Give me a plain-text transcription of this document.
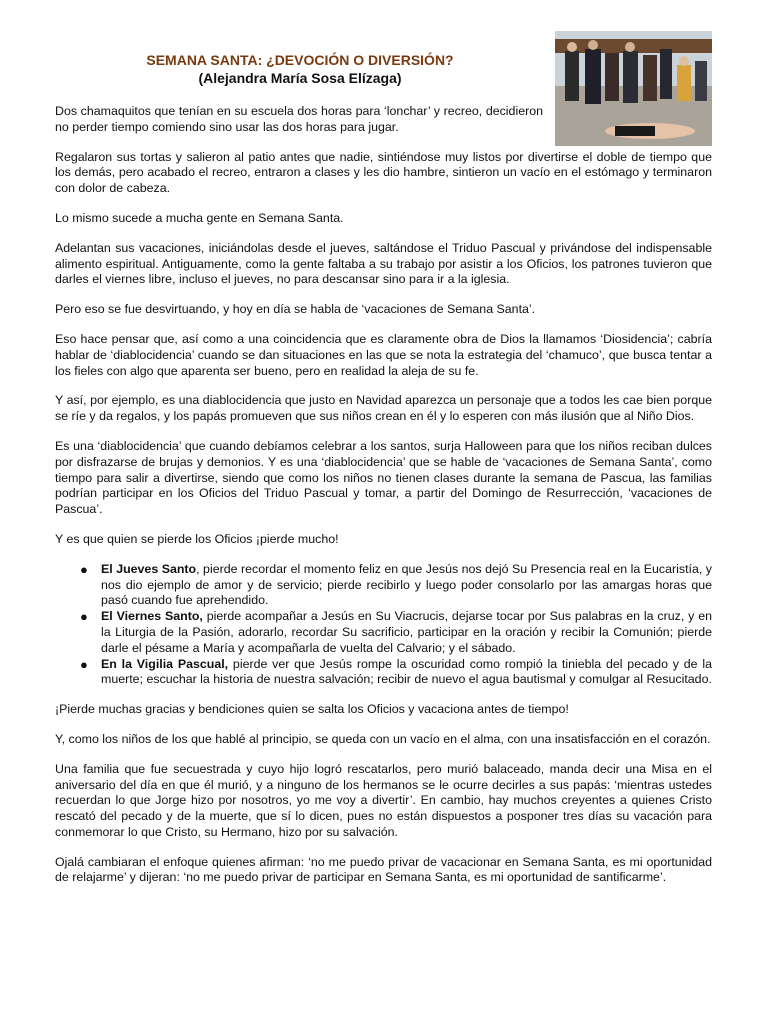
SEMANA SANTA: ¿DEVOCIÓN O DIVERSIÓN?
(Alejandra María Sosa Elízaga)

Dos chamaquitos que tenían en su escuela dos horas para ‘lonchar’ y recreo, decidieron no perder tiempo comiendo sino usar las dos horas para jugar.

Regalaron sus tortas y salieron al patio antes que nadie, sintiéndose muy listos por divertirse el doble de tiempo que los demás, pero acabado el recreo, entraron a clases y les dio hambre, sintieron un vacío en el estómago y terminaron con dolor de cabeza.

Lo mismo sucede a mucha gente en Semana Santa.

Adelantan sus vacaciones, iniciándolas desde el jueves, saltándose el Triduo Pascual y privándose del indispensable alimento espiritual. Antiguamente, como la gente faltaba a su trabajo por asistir a los Oficios, los patrones tuvieron que darles el viernes libre, incluso el jueves, no para descansar sino para ir a la iglesia.

Pero eso se fue desvirtuando, y hoy en día se habla de ‘vacaciones de Semana Santa’.

Eso hace pensar que, así como a una coincidencia que es claramente obra de Dios la llamamos ‘Diosidencia’; cabría hablar de ‘diablocidencia’ cuando se dan situaciones en las que se nota la estrategia del ‘chamuco’, que busca tentar a los fieles con algo que aparenta ser bueno, pero en realidad la aleja de su fe.

Y así, por ejemplo, es una diablocidencia que justo en Navidad aparezca un personaje que a todos les cae bien porque se ríe y da regalos, y los papás promueven que sus niños crean en él y lo esperen con más ilusión que al Niño Dios.

Es una ‘diablocidencia’ que cuando debíamos celebrar a los santos, surja Halloween para que los niños reciban dulces por disfrazarse de brujas y demonios. Y es una ‘diablocidencia’ que se hable de ‘vacaciones de Semana Santa’, como tiempo para salir a divertirse, siendo que como los niños no tienen clases durante la semana de Pascua, las familias podrían participar en los Oficios del Triduo Pascual y tomar, a partir del Domingo de Resurrección, ‘vacaciones de Pascua’.

Y es que quien se pierde los Oficios ¡pierde mucho!

● El Jueves Santo, pierde recordar el momento feliz en que Jesús nos dejó Su Presencia real en la Eucaristía, y nos dio ejemplo de amor y de servicio; pierde recibirlo y luego poder consolarlo por las amargas horas que pasó cuando fue aprehendido.
● El Viernes Santo, pierde acompañar a Jesús en Su Viacrucis, dejarse tocar por Sus palabras en la cruz, y en la Liturgia de la Pasión, adorarlo, recordar Su sacrificio, participar en la oración y recibir la Comunión; pierde darle el pésame a María y acompañarla de vuelta del Calvario; y el sábado.
● En la Vigilia Pascual, pierde ver que Jesús rompe la oscuridad como rompió la tiniebla del pecado y de la muerte; escuchar la historia de nuestra salvación; recibir de nuevo el agua bautismal y comulgar al Resucitado.

¡Pierde muchas gracias y bendiciones quien se salta los Oficios y vacaciona antes de tiempo!

Y, como los niños de los que hablé al principio, se queda con un vacío en el alma, con una insatisfacción en el corazón.

Una familia que fue secuestrada y cuyo hijo logró rescatarlos, pero murió balaceado, manda decir una Misa en el aniversario del día en que él murió, y a ninguno de los hermanos se le ocurre decirles a sus papás: ‘mientras ustedes recuerdan lo que Jorge hizo por nosotros, yo me voy a divertir’. En cambio, hay muchos creyentes a quienes Cristo rescató del pecado y de la muerte, que sí lo dicen, pues no están dispuestos a posponer tres días su vacación para conmemorar lo que Cristo, su Hermano, hizo por su salvación.

Ojalá cambiaran el enfoque quienes afirman: ‘no me puedo privar de vacacionar en Semana Santa, es mi oportunidad de relajarme’ y dijeran: ‘no me puedo privar de participar en Semana Santa, es mi oportunidad de santificarme’.
